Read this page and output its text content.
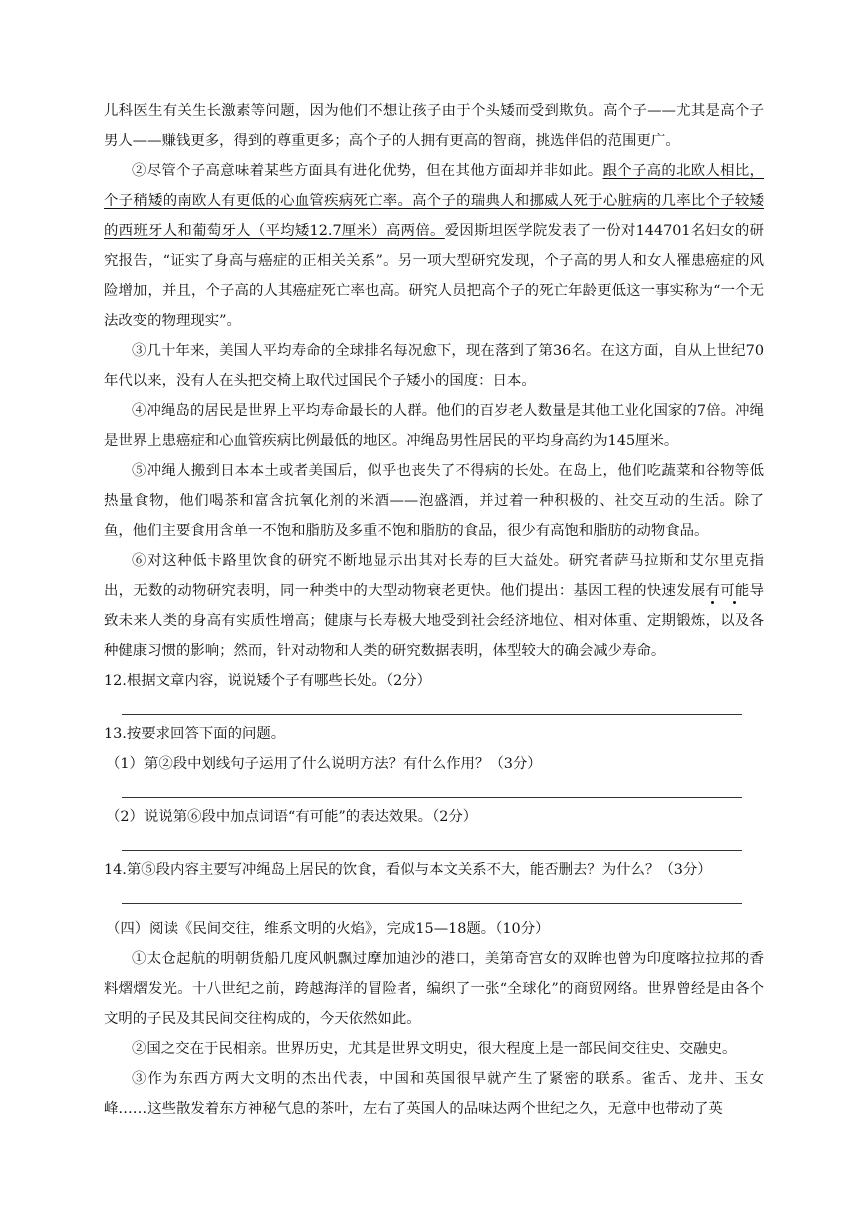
儿科医生有关生长激素等问题，因为他们不想让孩子由于个头矮而受到欺负。高个子——尤其是高个子男人——赚钱更多，得到的尊重更多；高个子的人拥有更高的智商，挑选伴侣的范围更广。

②尽管个子高意味着某些方面具有进化优势，但在其他方面却并非如此。跟个子高的北欧人相比，个子稍矮的南欧人有更低的心血管疾病死亡率。高个子的瑞典人和挪威人死于心脏病的几率比个子较矮的西班牙人和葡萄牙人（平均矮12.7厘米）高两倍。爱因斯坦医学院发表了一份对144701名妇女的研究报告，“证实了身高与癌症的正相关关系”。另一项大型研究发现，个子高的男人和女人罹患癌症的风险增加，并且，个子高的人其癌症死亡率也高。研究人员把高个子的死亡年龄更低这一事实称为“一个无法改变的物理现实”。

③几十年来，美国人平均寿命的全球排名每况愈下，现在落到了第36名。在这方面，自从上世纪70年代以来，没有人在头把交椅上取代过国民个子矮小的国度：日本。

④冲绳岛的居民是世界上平均寿命最长的人群。他们的百岁老人数量是其他工业化国家的7倍。冲绳是世界上患癌症和心血管疾病比例最低的地区。冲绳岛男性居民的平均身高约为145厘米。

⑤冲绳人搬到日本本土或者美国后，似乎也丧失了不得病的长处。在岛上，他们吃蔬菜和谷物等低热量食物，他们喝茶和富含抗氧化剂的米酒——泡盛酒，并过着一种积极的、社交互动的生活。除了鱼，他们主要食用含单一不饱和脂肪及多重不饱和脂肪的食品，很少有高饱和脂肪的动物食品。

⑥对这种低卡路里饮食的研究不断地显示出其对长寿的巨大益处。研究者萨马拉斯和艾尔里克指出，无数的动物研究表明，同一种类中的大型动物衰老更快。他们提出：基因工程的快速发展有可能导致未来人类的身高有实质性增高；健康与长寿极大地受到社会经济地位、相对体重、定期锻炼，以及各种健康习惯的影响；然而，针对动物和人类的研究数据表明，体型较大的确会减少寿命。

12.根据文章内容，说说矮个子有哪些长处。（2分）

13.按要求回答下面的问题。

（1）第②段中划线句子运用了什么说明方法？有什么作用？（3分）

（2）说说第⑥段中加点词语“有可能”的表达效果。（2分）

14.第⑤段内容主要写冲绳岛上居民的饮食，看似与本文关系不大，能否删去？为什么？（3分）

（四）阅读《民间交往，维系文明的火焰》，完成15—18题。（10分）

①太仓起航的明朝货船几度风帆飘过摩加迪沙的港口，美第奇宫女的双眸也曾为印度喀拉拉邦的香料熠熠发光。十八世纪之前，跨越海洋的冒险者，编织了一张“全球化”的商贸网络。世界曾经是由各个文明的子民及其民间交往构成的，今天依然如此。

②国之交在于民相亲。世界历史，尤其是世界文明史，很大程度上是一部民间交往史、交融史。

③作为东西方两大文明的杰出代表，中国和英国很早就产生了紧密的联系。雀舌、龙井、玉女峰……这些散发着东方神秘气息的茶叶，左右了英国人的品味达两个世纪之久，无意中也带动了英
